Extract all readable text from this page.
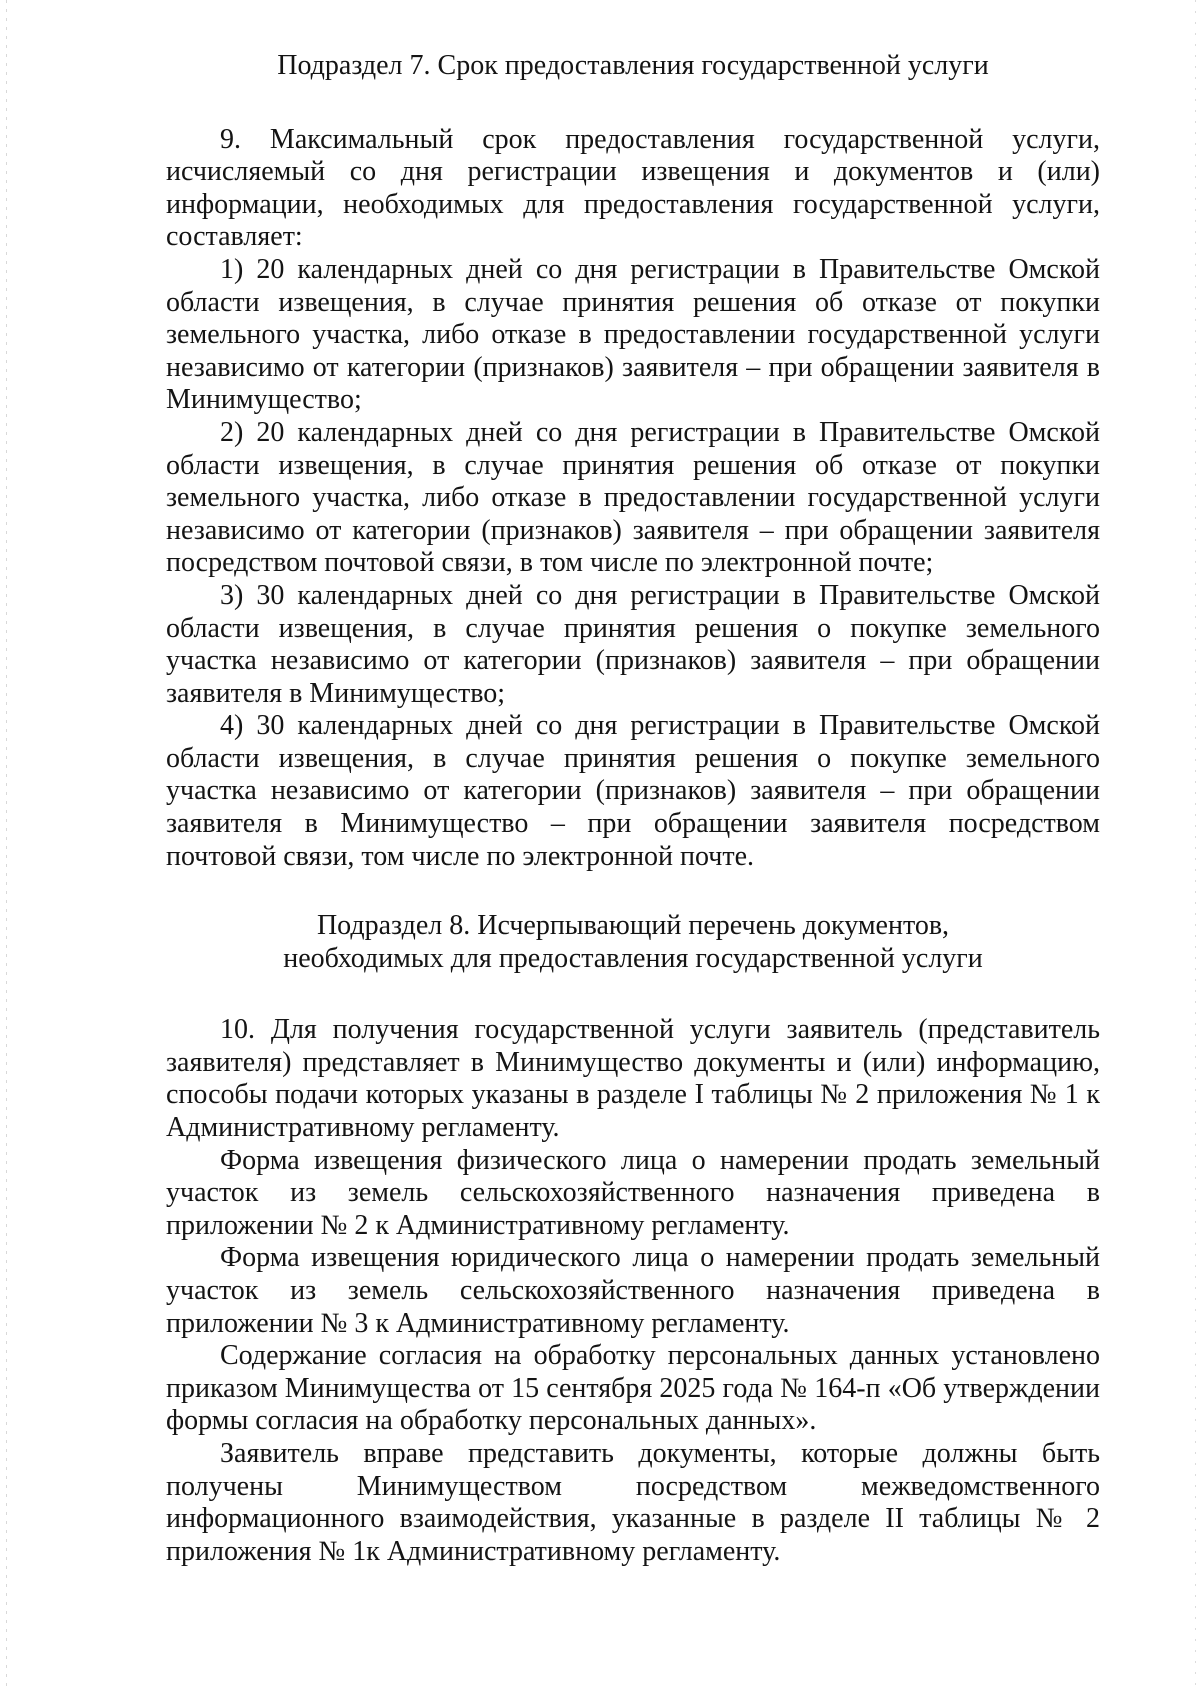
Подраздел 7. Срок предоставления государственной услуги

9. Максимальный срок предоставления государственной услуги, исчисляемый со дня регистрации извещения и документов и (или) информации, необходимых для предоставления государственной услуги, составляет:

1) 20 календарных дней со дня регистрации в Правительстве Омской области извещения, в случае принятия решения об отказе от покупки земельного участка, либо отказе в предоставлении государственной услуги независимо от категории (признаков) заявителя – при обращении заявителя в Минимущество;

2) 20 календарных дней со дня регистрации в Правительстве Омской области извещения, в случае принятия решения об отказе от покупки земельного участка, либо отказе в предоставлении государственной услуги независимо от категории (признаков) заявителя – при обращении заявителя посредством почтовой связи, в том числе по электронной почте;

3) 30 календарных дней со дня регистрации в Правительстве Омской области извещения, в случае принятия решения о покупке земельного участка независимо от категории (признаков) заявителя – при обращении заявителя в Минимущество;

4) 30 календарных дней со дня регистрации в Правительстве Омской области извещения, в случае принятия решения о покупке земельного участка независимо от категории (признаков) заявителя – при обращении заявителя в Минимущество – при обращении заявителя посредством почтовой связи, том числе по электронной почте.

Подраздел 8. Исчерпывающий перечень документов,
необходимых для предоставления государственной услуги

10. Для получения государственной услуги заявитель (представитель заявителя) представляет в Минимущество документы и (или) информацию, способы подачи которых указаны в разделе I таблицы № 2 приложения № 1 к Административному регламенту.

Форма извещения физического лица о намерении продать земельный участок из земель сельскохозяйственного назначения приведена в приложении № 2 к Административному регламенту.

Форма извещения юридического лица о намерении продать земельный участок из земель сельскохозяйственного назначения приведена в приложении № 3 к Административному регламенту.

Содержание согласия на обработку персональных данных установлено приказом Минимущества от 15 сентября 2025 года № 164-п «Об утверждении формы согласия на обработку персональных данных».

Заявитель вправе представить документы, которые должны быть получены Минимуществом посредством межведомственного информационного взаимодействия, указанные в разделе II таблицы № 2 приложения № 1к Административному регламенту.
